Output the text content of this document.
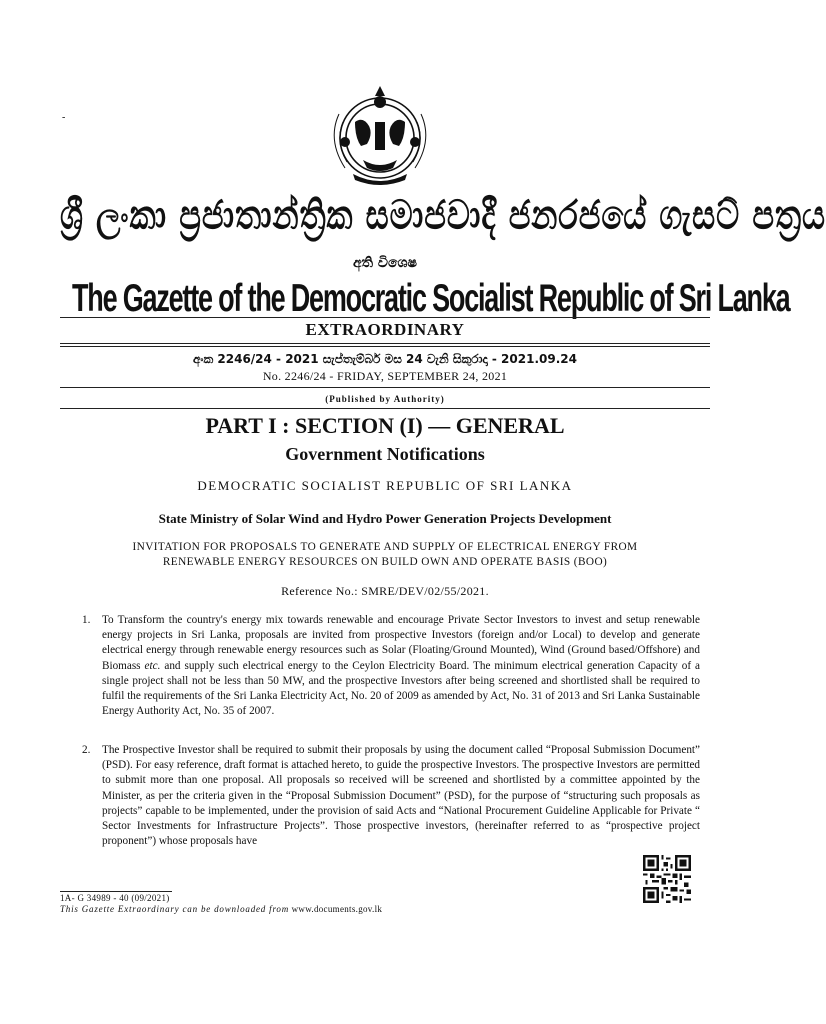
-
ශ්‍රී ලංකා ප්‍රජාතාන්ත්‍රික සමාජවාදී ජනරජයේ ගැසට් පත්‍රය
අති විශෙෂ
The Gazette of the Democratic Socialist Republic of Sri Lanka
EXTRAORDINARY
අංක 2246/24 - 2021 සැප්තැම්බර් මස 24 වැනි සිකුරාදා - 2021.09.24
No. 2246/24 - FRIDAY, SEPTEMBER 24, 2021
(Published by Authority)
PART I : SECTION (I) — GENERAL
Government Notifications
DEMOCRATIC SOCIALIST REPUBLIC OF SRI LANKA
State Ministry of Solar Wind and Hydro Power Generation Projects Development
INVITATION FOR PROPOSALS TO GENERATE AND SUPPLY OF ELECTRICAL ENERGY FROM
RENEWABLE ENERGY RESOURCES ON BUILD OWN AND OPERATE BASIS (BOO)
Reference No.: SMRE/DEV/02/55/2021.
1. To Transform the country's energy mix towards renewable and encourage Private Sector Investors to invest and setup renewable energy projects in Sri Lanka, proposals are invited from prospective Investors (foreign and/or Local) to develop and generate electrical energy through renewable energy resources such as Solar (Floating/Ground Mounted), Wind (Ground based/Offshore) and Biomass etc. and supply such electrical energy to the Ceylon Electricity Board. The minimum electrical generation Capacity of a single project shall not be less than 50 MW, and the prospective Investors after being screened and shortlisted shall be required to fulfil the requirements of the Sri Lanka Electricity Act, No. 20 of 2009 as amended by Act, No. 31 of 2013 and Sri Lanka Sustainable Energy Authority Act, No. 35 of 2007.
2. The Prospective Investor shall be required to submit their proposals by using the document called “Proposal Submission Document” (PSD). For easy reference, draft format is attached hereto, to guide the prospective Investors. The prospective Investors are permitted to submit more than one proposal. All proposals so received will be screened and shortlisted by a committee appointed by the Minister, as per the criteria given in the “Proposal Submission Document” (PSD), for the purpose of “structuring such proposals as projects” capable to be implemented, under the provision of said Acts and “National Procurement Guideline Applicable for Private “ Sector Investments for Infrastructure Projects”. Those prospective investors, (hereinafter referred to as “prospective project proponent”) whose proposals have
1A- G 34989 - 40 (09/2021)
This Gazette Extraordinary can be downloaded from www.documents.gov.lk
